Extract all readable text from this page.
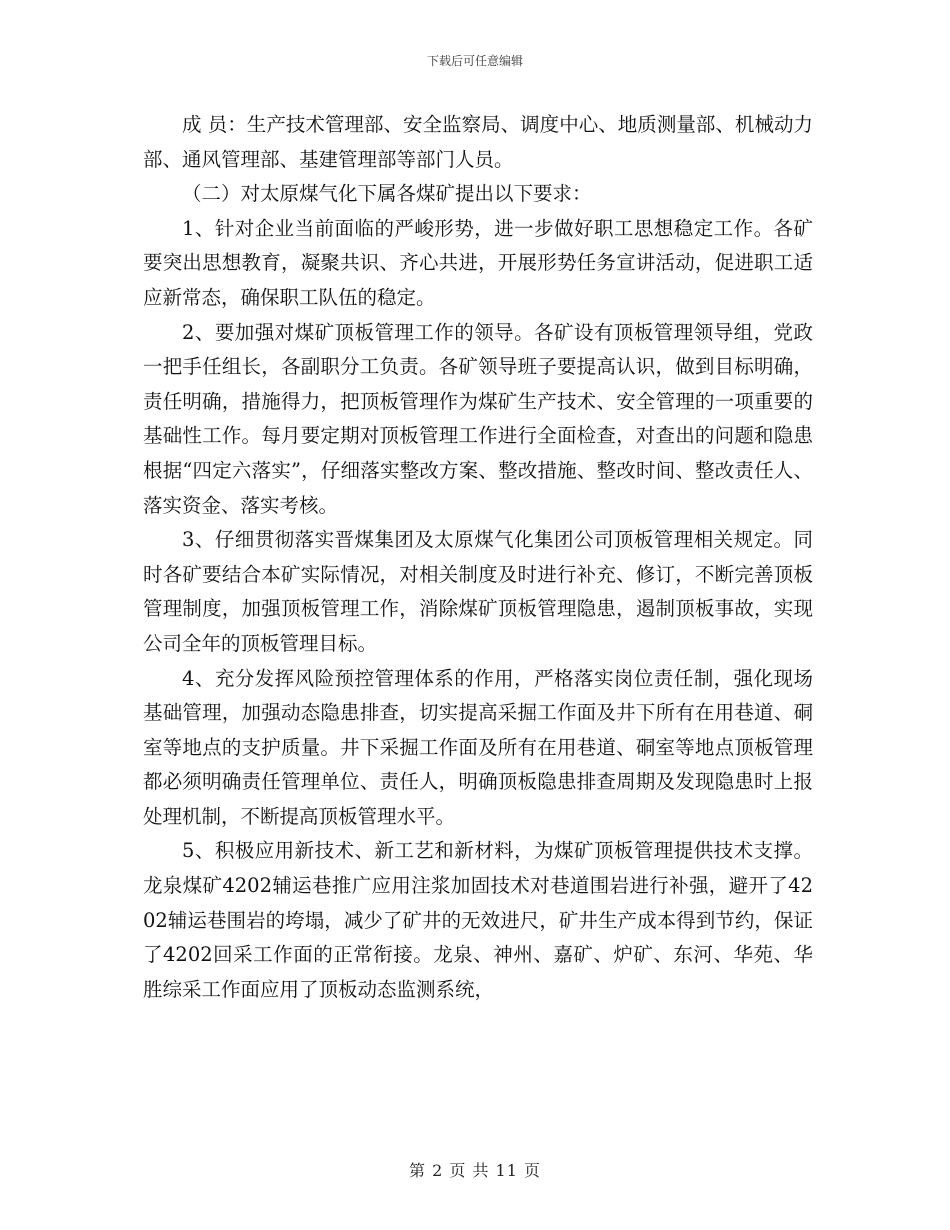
下载后可任意编辑

成 员：生产技术管理部、安全监察局、调度中心、地质测量部、机械动力部、通风管理部、基建管理部等部门人员。

（二）对太原煤气化下属各煤矿提出以下要求：

1、针对企业当前面临的严峻形势，进一步做好职工思想稳定工作。各矿要突出思想教育，凝聚共识、齐心共进，开展形势任务宣讲活动，促进职工适应新常态，确保职工队伍的稳定。

2、要加强对煤矿顶板管理工作的领导。各矿设有顶板管理领导组，党政一把手任组长，各副职分工负责。各矿领导班子要提高认识，做到目标明确，责任明确，措施得力，把顶板管理作为煤矿生产技术、安全管理的一项重要的基础性工作。每月要定期对顶板管理工作进行全面检查，对查出的问题和隐患根据“四定六落实”，仔细落实整改方案、整改措施、整改时间、整改责任人、落实资金、落实考核。

3、仔细贯彻落实晋煤集团及太原煤气化集团公司顶板管理相关规定。同时各矿要结合本矿实际情况，对相关制度及时进行补充、修订，不断完善顶板管理制度，加强顶板管理工作，消除煤矿顶板管理隐患，遏制顶板事故，实现公司全年的顶板管理目标。

4、充分发挥风险预控管理体系的作用，严格落实岗位责任制，强化现场基础管理，加强动态隐患排查，切实提高采掘工作面及井下所有在用巷道、硐室等地点的支护质量。井下采掘工作面及所有在用巷道、硐室等地点顶板管理都必须明确责任管理单位、责任人，明确顶板隐患排查周期及发现隐患时上报处理机制，不断提高顶板管理水平。

5、积极应用新技术、新工艺和新材料，为煤矿顶板管理提供技术支撑。龙泉煤矿4202辅运巷推广应用注浆加固技术对巷道围岩进行补强，避开了4202辅运巷围岩的垮塌，减少了矿井的无效进尺，矿井生产成本得到节约，保证了4202回采工作面的正常衔接。龙泉、神州、嘉矿、炉矿、东河、华苑、华胜综采工作面应用了顶板动态监测系统，

第 2 页 共 11 页
